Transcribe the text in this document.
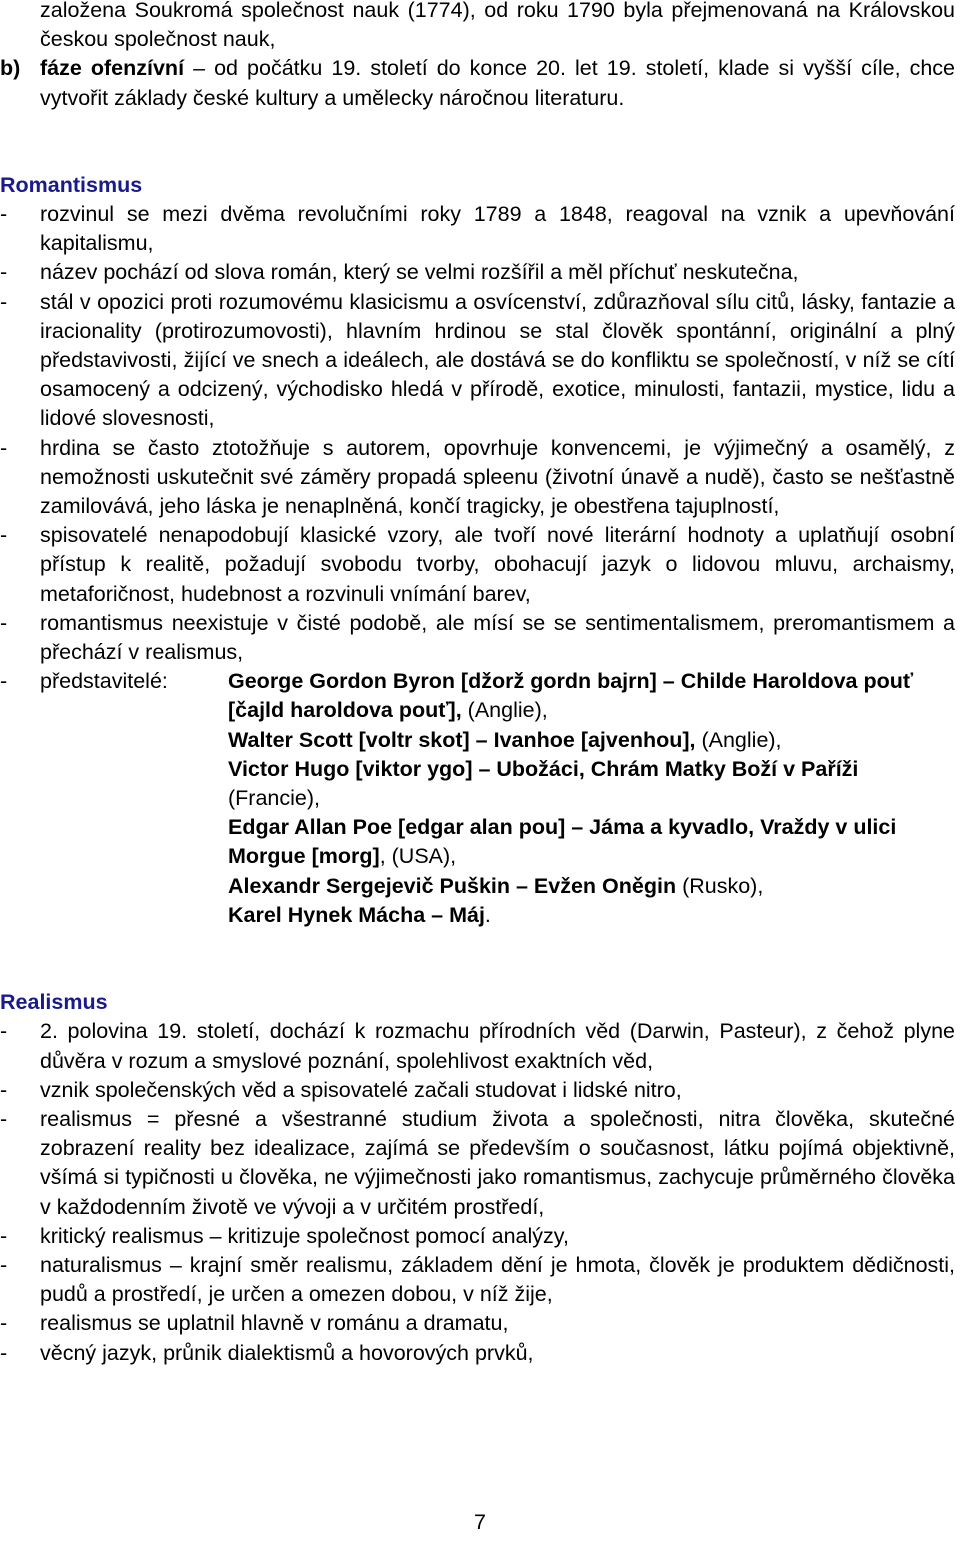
založena Soukromá společnost nauk (1774), od roku 1790 byla přejmenovaná na Královskou českou společnost nauk,

b) fáze ofenzívní – od počátku 19. století do konce 20. let 19. století, klade si vyšší cíle, chce vytvořit základy české kultury a umělecky náročnou literaturu.

Romantismus

-	rozvinul se mezi dvěma revolučními roky 1789 a 1848, reagoval na vznik a upevňování kapitalismu,
-	název pochází od slova román, který se velmi rozšířil a měl příchuť neskutečna,
-	stál v opozici proti rozumovému klasicismu a osvícenství, zdůrazňoval sílu citů, lásky, fantazie a iracionality (protirozumovosti), hlavním hrdinou se stal člověk spontánní, originální a plný představivosti, žijící ve snech a ideálech, ale dostává se do konfliktu se společností, v níž se cítí osamocený a odcizený, východisko hledá v přírodě, exotice, minulosti, fantazii, mystice, lidu a lidové slovesnosti,
-	hrdina se často ztotožňuje s autorem, opovrhuje konvencemi, je výjimečný a osamělý, z nemožnosti uskutečnit své záměry propadá spleenu (životní únavě a nudě), často se nešťastně zamilovává, jeho láska je nenaplněná, končí tragicky, je obestřena tajuplností,
-	spisovatelé nenapodobují klasické vzory, ale tvoří nové literární hodnoty a uplatňují osobní přístup k realitě, požadují svobodu tvorby, obohacují jazyk o lidovou mluvu, archaismy, metaforičnost, hudebnost a rozvinuli vnímání barev,
-	romantismus neexistuje v čisté podobě, ale mísí se se sentimentalismem, preromantismem a přechází v realismus,
-	představitelé:	George Gordon Byron [džorž gordn bajrn] – Childe Haroldova pouť [čajld haroldova pouť], (Anglie),
Walter Scott [voltr skot] – Ivanhoe [ajvenhou], (Anglie),
Victor Hugo [viktor ygo] – Ubožáci, Chrám Matky Boží v Paříži (Francie),
Edgar Allan Poe [edgar alan pou] – Jáma a kyvadlo, Vraždy v ulici Morgue [morg], (USA),
Alexandr Sergejevič Puškin – Evžen Oněgin (Rusko),
Karel Hynek Mácha – Máj.

Realismus

-	2. polovina 19. století, dochází k rozmachu přírodních věd (Darwin, Pasteur), z čehož plyne důvěra v rozum a smyslové poznání, spolehlivost exaktních věd,
-	vznik společenských věd a spisovatelé začali studovat i lidské nitro,
-	realismus = přesné a všestranné studium života a společnosti, nitra člověka, skutečné zobrazení reality bez idealizace, zajímá se především o současnost, látku pojímá objektivně, všímá si typičnosti u člověka, ne výjimečnosti jako romantismus, zachycuje průměrného člověka v každodenním životě ve vývoji a v určitém prostředí,
-	kritický realismus – kritizuje společnost pomocí analýzy,
-	naturalismus – krajní směr realismu, základem dění je hmota, člověk je produktem dědičnosti, pudů a prostředí, je určen a omezen dobou, v níž žije,
-	realismus se uplatnil hlavně v románu a dramatu,
-	věcný jazyk, průnik dialektismů a hovorových prvků,
7
